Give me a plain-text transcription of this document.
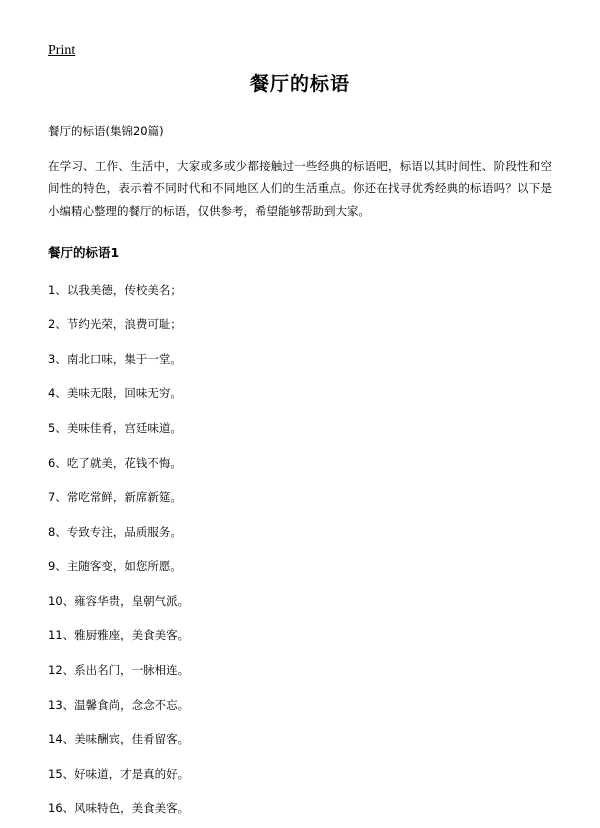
Print
餐厅的标语

餐厅的标语(集锦20篇)

在学习、工作、生活中，大家或多或少都接触过一些经典的标语吧，标语以其时间性、阶段性和空间性的特色，表示着不同时代和不同地区人们的生活重点。你还在找寻优秀经典的标语吗？以下是小编精心整理的餐厅的标语，仅供参考，希望能够帮助到大家。

餐厅的标语1
1、以我美德，传校美名；
2、节约光荣，浪费可耻；
3、南北口味，集于一堂。
4、美味无限，回味无穷。
5、美味佳肴，宫廷味道。
6、吃了就美，花钱不悔。
7、常吃常鲜，新席新筵。
8、专致专注，品质服务。
9、主随客变，如您所愿。
10、雍容华贵，皇朝气派。
11、雅厨雅座，美食美客。
12、系出名门，一脉相连。
13、温馨食尚，念念不忘。
14、美味酬宾，佳肴留客。
15、好味道，才是真的好。
16、风味特色，美食美客。
